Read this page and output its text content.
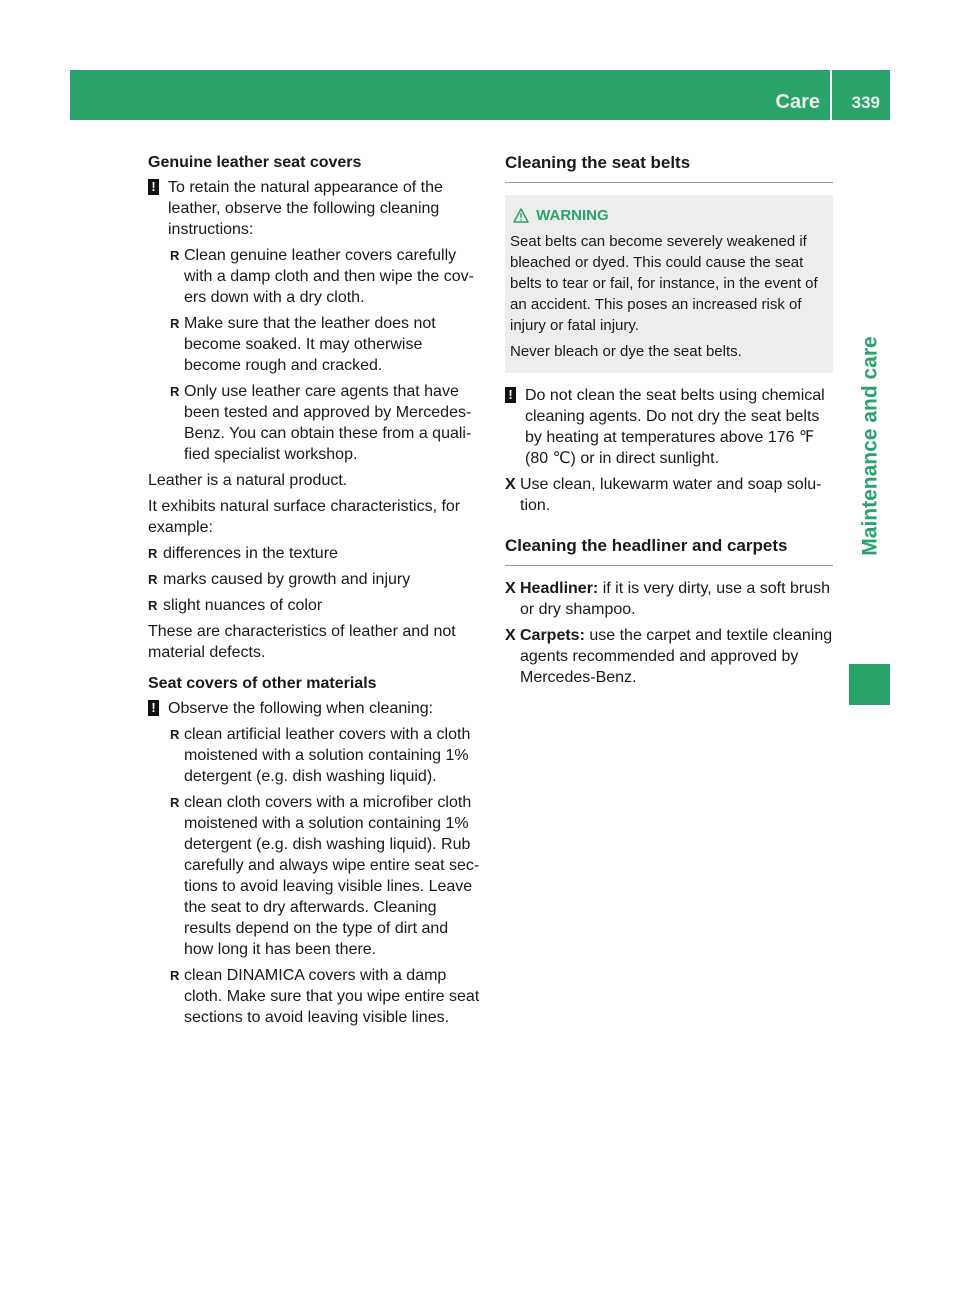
Care 339
Maintenance and care
Genuine leather seat covers
! To retain the natural appearance of the leather, observe the following cleaning instructions:
R Clean genuine leather covers carefully with a damp cloth and then wipe the covers down with a dry cloth.
R Make sure that the leather does not become soaked. It may otherwise become rough and cracked.
R Only use leather care agents that have been tested and approved by Mercedes-Benz. You can obtain these from a qualified specialist workshop.
Leather is a natural product.
It exhibits natural surface characteristics, for example:
R differences in the texture
R marks caused by growth and injury
R slight nuances of color
These are characteristics of leather and not material defects.
Seat covers of other materials
! Observe the following when cleaning:
R clean artificial leather covers with a cloth moistened with a solution containing 1% detergent (e.g. dish washing liquid).
R clean cloth covers with a microfiber cloth moistened with a solution containing 1% detergent (e.g. dish washing liquid). Rub carefully and always wipe entire seat sections to avoid leaving visible lines. Leave the seat to dry afterwards. Cleaning results depend on the type of dirt and how long it has been there.
R clean DINAMICA covers with a damp cloth. Make sure that you wipe entire seat sections to avoid leaving visible lines.
Cleaning the seat belts
WARNING
Seat belts can become severely weakened if bleached or dyed. This could cause the seat belts to tear or fail, for instance, in the event of an accident. This poses an increased risk of injury or fatal injury.
Never bleach or dye the seat belts.
! Do not clean the seat belts using chemical cleaning agents. Do not dry the seat belts by heating at temperatures above 176 ℉ (80 ℃) or in direct sunlight.
X Use clean, lukewarm water and soap solution.
Cleaning the headliner and carpets
X Headliner: if it is very dirty, use a soft brush or dry shampoo.
X Carpets: use the carpet and textile cleaning agents recommended and approved by Mercedes-Benz.
